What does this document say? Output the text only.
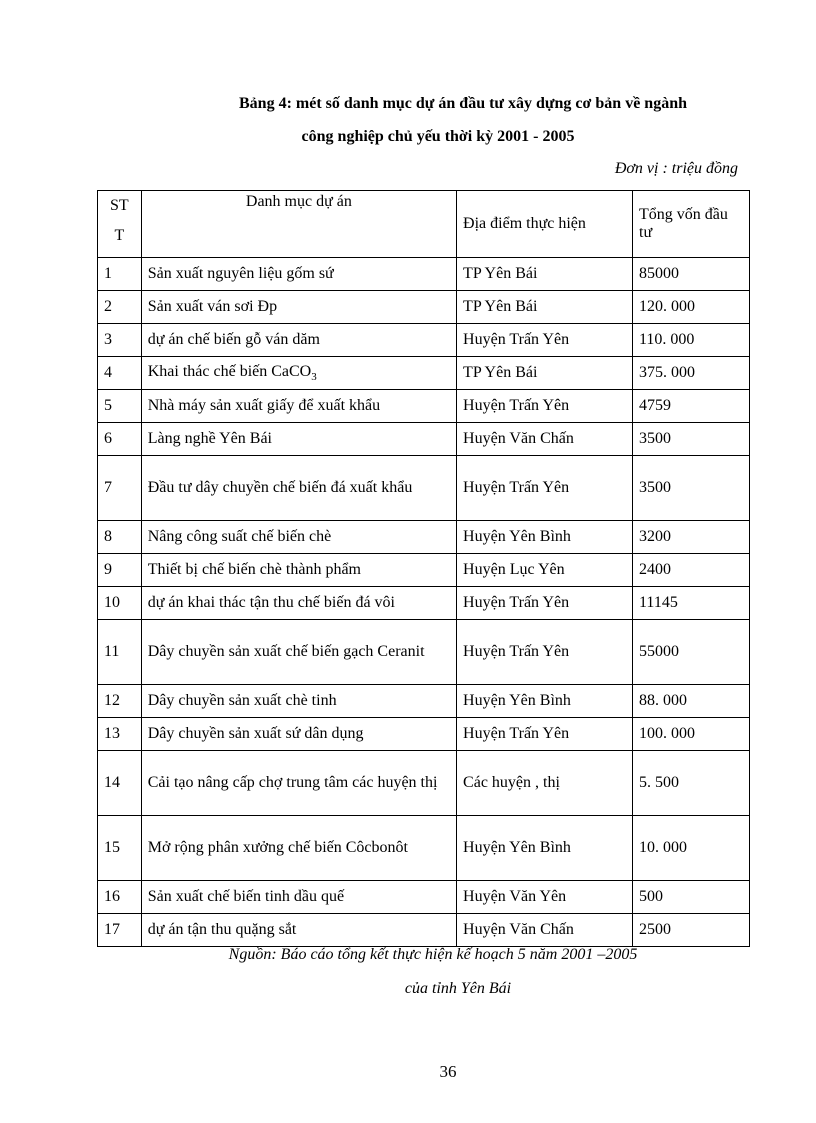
Bảng 4: mét số danh mục dự án đầu tư xây dựng cơ bản về ngành
công nghiệp chủ yếu thời kỳ 2001 - 2005
Đơn vị : triệu đồng
ST T	Danh mục dự án	Địa điểm thực hiện	Tổng vốn đầu tư
1	Sản xuất nguyên liệu gốm sứ	TP Yên Bái	85000
2	Sản xuất ván sơi Đp	TP Yên Bái	120. 000
3	dự án chế biến gỗ ván dăm	Huyện Trấn Yên	110. 000
4	Khai thác chế biến CaCO$_3$	TP Yên Bái	375. 000
5	Nhà máy sản xuất giấy để xuất khẩu	Huyện Trấn Yên	4759
6	Làng nghề Yên Bái	Huyện Văn Chấn	3500
7	Đầu tư dây chuyền chế biến đá xuất khẩu	Huyện Trấn Yên	3500
8	Nâng công suất chế biến chè	Huyện Yên Bình	3200
9	Thiết bị chế biến chè thành phẩm	Huyện Lục Yên	2400
10	dự án khai thác tận thu chế biến đá vôi	Huyện Trấn Yên	11145
11	Dây chuyền sản xuất chế biến gạch Ceranit	Huyện Trấn Yên	55000
12	Dây chuyền sản xuất chè tinh	Huyện Yên Bình	88. 000
13	Dây chuyền sản xuất sứ dân dụng	Huyện Trấn Yên	100. 000
14	Cải tạo nâng cấp chợ trung tâm các huyện thị	Các huyện , thị	5. 500
15	Mở rộng phân xưởng chế biến Côcbonôt	Huyện Yên Bình	10. 000
16	Sản xuất chế biến tinh dầu quế	Huyện Văn Yên	500
17	dự án tận thu quặng sắt	Huyện Văn Chấn	2500
Nguồn: Báo cáo tổng kết thực hiện kế hoạch 5 năm 2001 –2005
của tỉnh Yên Bái
36
